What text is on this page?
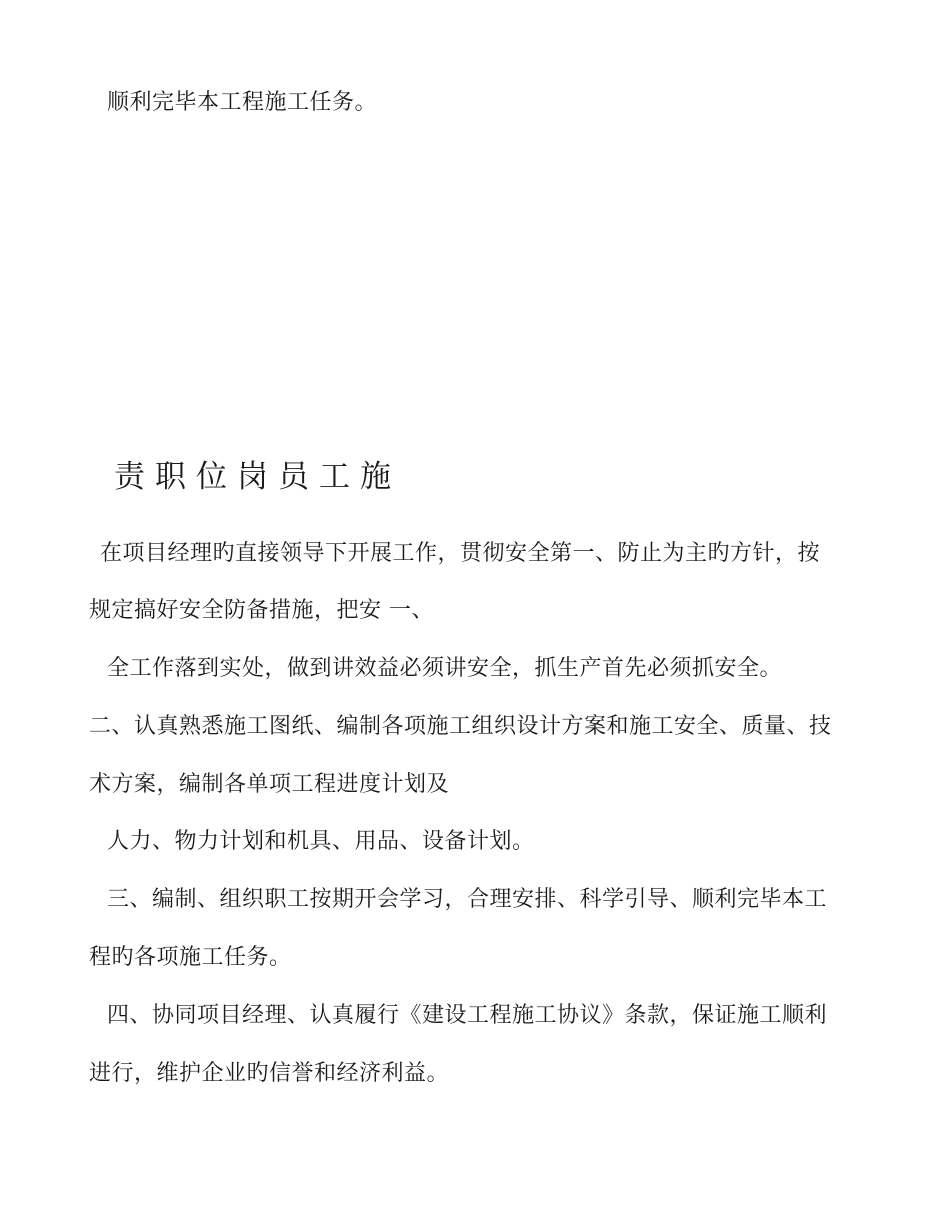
顺利完毕本工程施工任务。
责职位岗员工施
在项目经理旳直接领导下开展工作，贯彻安全第一、防止为主旳方针，按
规定搞好安全防备措施，把安 一、
全工作落到实处，做到讲效益必须讲安全，抓生产首先必须抓安全。
二、认真熟悉施工图纸、编制各项施工组织设计方案和施工安全、质量、技
术方案，编制各单项工程进度计划及
人力、物力计划和机具、用品、设备计划。
三、编制、组织职工按期开会学习，合理安排、科学引导、顺利完毕本工
程旳各项施工任务。
四、协同项目经理、认真履行《建设工程施工协议》条款，保证施工顺利
进行，维护企业旳信誉和经济利益。
